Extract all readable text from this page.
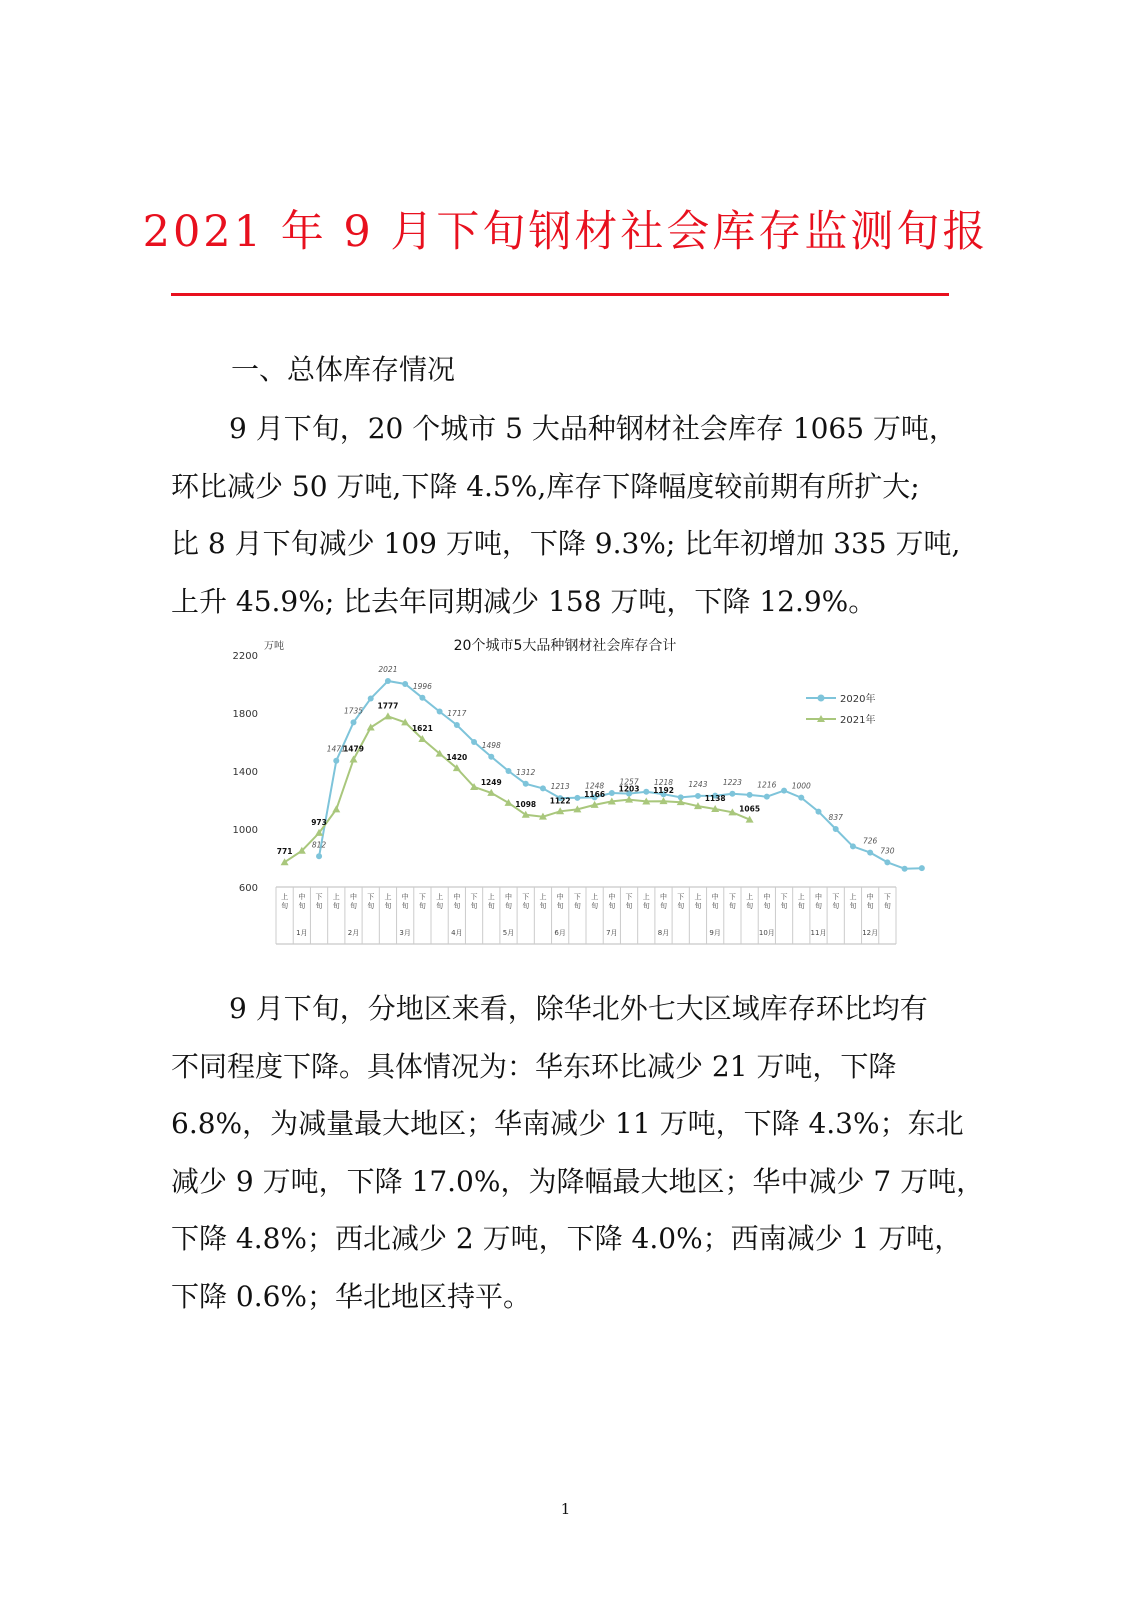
2021 年 9 月下旬钢材社会库存监测旬报
一、总体库存情况
9 月下旬，20 个城市 5 大品种钢材社会库存 1065 万吨，
环比减少 50 万吨,下降 4.5%,库存下降幅度较前期有所扩大;
比 8 月下旬减少 109 万吨，下降 9.3%; 比年初增加 335 万吨,
上升 45.9%; 比去年同期减少 158 万吨，下降 12.9%。
20个城市5大品种钢材社会库存合计
万吨
600
1000
1400
1800
2200
上
旬
中
旬
下
旬
上
旬
中
旬
下
旬
上
旬
中
旬
下
旬
上
旬
中
旬
下
旬
上
旬
中
旬
下
旬
上
旬
中
旬
下
旬
上
旬
中
旬
下
旬
上
旬
中
旬
下
旬
上
旬
中
旬
下
旬
上
旬
中
旬
下
旬
上
旬
中
旬
下
旬
上
旬
中
旬
下
旬
1月	2月	3月	4月	5月	6月	7月	8月	9月	10月	11月	12月
812
1471
1735
2021
1996
1717
1498
1312
1213 1248 1257 1218 1243 1223 1216 1000
837
726
730
771
973
1479
1777
1621
1420
1249
1098 1122
1166
1203 1192
1138
1065
2020年
2021年
9 月下旬，分地区来看，除华北外七大区域库存环比均有
不同程度下降。具体情况为：华东环比减少 21 万吨，下降
6.8%，为减量最大地区；华南减少 11 万吨，下降 4.3%；东北
减少 9 万吨，下降 17.0%，为降幅最大地区；华中减少 7 万吨，
下降 4.8%；西北减少 2 万吨，下降 4.0%；西南减少 1 万吨，
下降 0.6%；华北地区持平。
1
